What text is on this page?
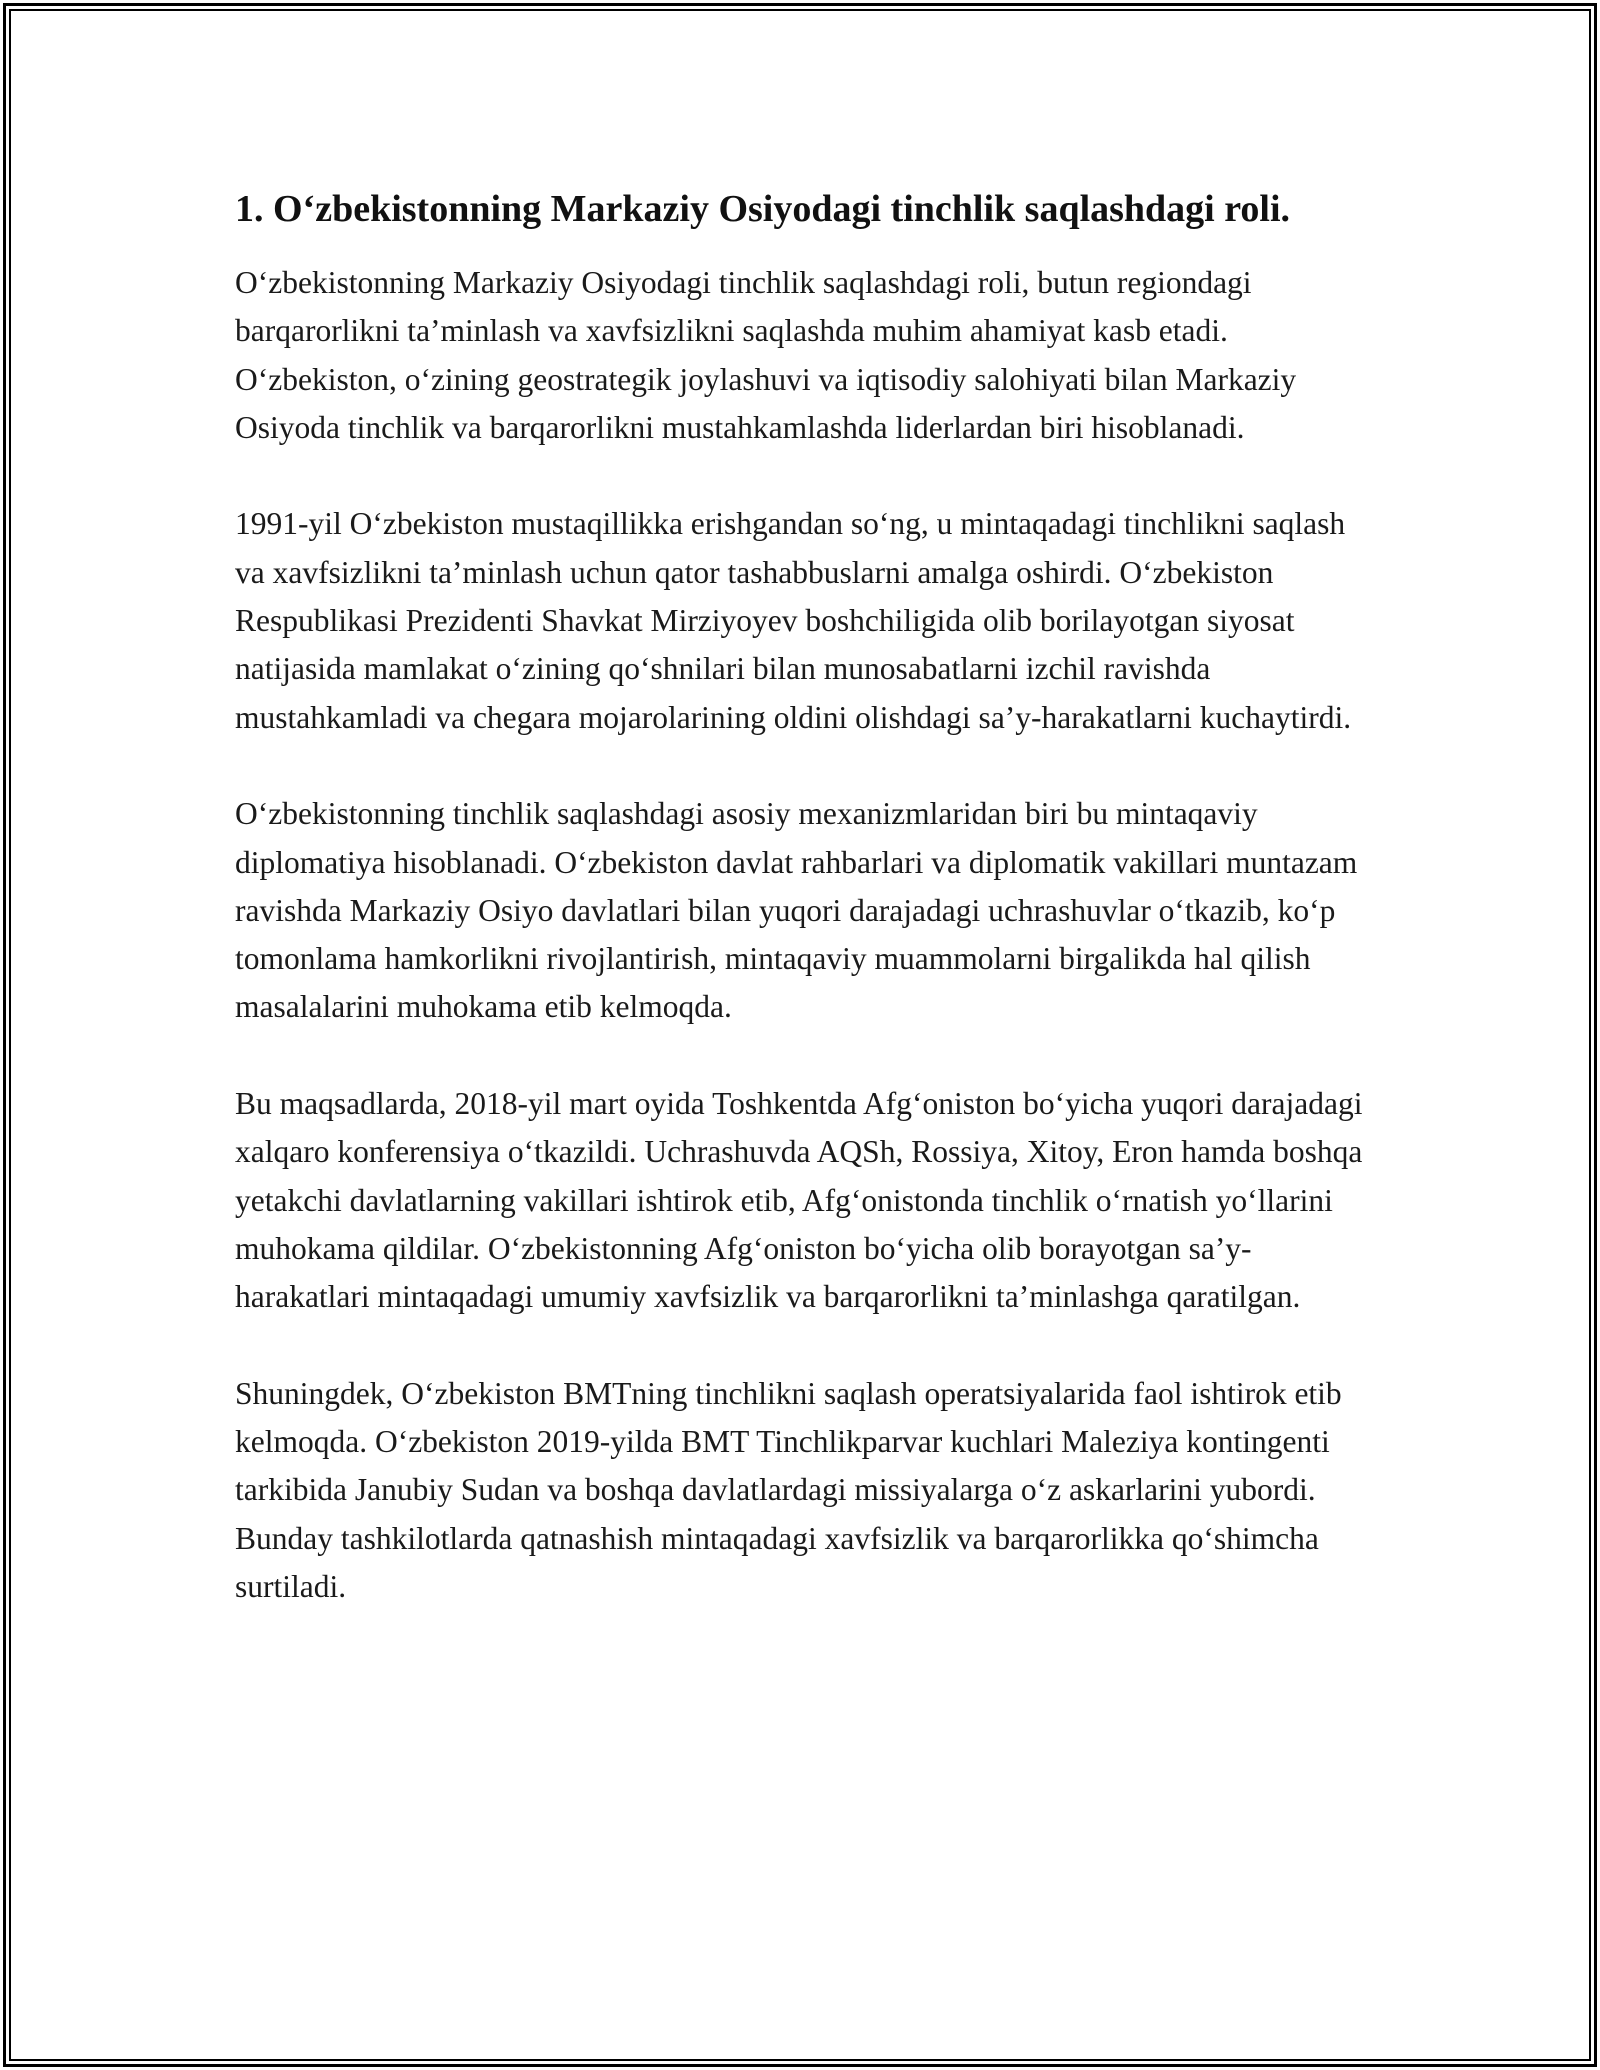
1. O‘zbekistonning Markaziy Osiyodagi tinchlik saqlashdagi roli.

O‘zbekistonning Markaziy Osiyodagi tinchlik saqlashdagi roli, butun regiondagi barqarorlikni ta’minlash va xavfsizlikni saqlashda muhim ahamiyat kasb etadi. O‘zbekiston, o‘zining geostrategik joylashuvi va iqtisodiy salohiyati bilan Markaziy Osiyoda tinchlik va barqarorlikni mustahkamlashda liderlardan biri hisoblanadi.

1991-yil O‘zbekiston mustaqillikka erishgandan so‘ng, u mintaqadagi tinchlikni saqlash va xavfsizlikni ta’minlash uchun qator tashabbuslarni amalga oshirdi. O‘zbekiston Respublikasi Prezidenti Shavkat Mirziyoyev boshchiligida olib borilayotgan siyosat natijasida mamlakat o‘zining qo‘shnilari bilan munosabatlarni izchil ravishda mustahkamladi va chegara mojarolarining oldini olishdagi sa’y-harakatlarni kuchaytirdi.

O‘zbekistonning tinchlik saqlashdagi asosiy mexanizmlaridan biri bu mintaqaviy diplomatiya hisoblanadi. O‘zbekiston davlat rahbarlari va diplomatik vakillari muntazam ravishda Markaziy Osiyo davlatlari bilan yuqori darajadagi uchrashuvlar o‘tkazib, ko‘p tomonlama hamkorlikni rivojlantirish, mintaqaviy muammolarni birgalikda hal qilish masalalarini muhokama etib kelmoqda.

Bu maqsadlarda, 2018-yil mart oyida Toshkentda Afg‘oniston bo‘yicha yuqori darajadagi xalqaro konferensiya o‘tkazildi. Uchrashuvda AQSh, Rossiya, Xitoy, Eron hamda boshqa yetakchi davlatlarning vakillari ishtirok etib, Afg‘onistonda tinchlik o‘rnatish yo‘llarini muhokama qildilar. O‘zbekistonning Afg‘oniston bo‘yicha olib borayotgan sa’y-harakatlari mintaqadagi umumiy xavfsizlik va barqarorlikni ta’minlashga qaratilgan.

Shuningdek, O‘zbekiston BMTning tinchlikni saqlash operatsiyalarida faol ishtirok etib kelmoqda. O‘zbekiston 2019-yilda BMT Tinchlikparvar kuchlari Maleziya kontingenti tarkibida Janubiy Sudan va boshqa davlatlardagi missiyalarga o‘z askarlarini yubordi. Bunday tashkilotlarda qatnashish mintaqadagi xavfsizlik va barqarorlikka qo‘shimcha surtiladi.
